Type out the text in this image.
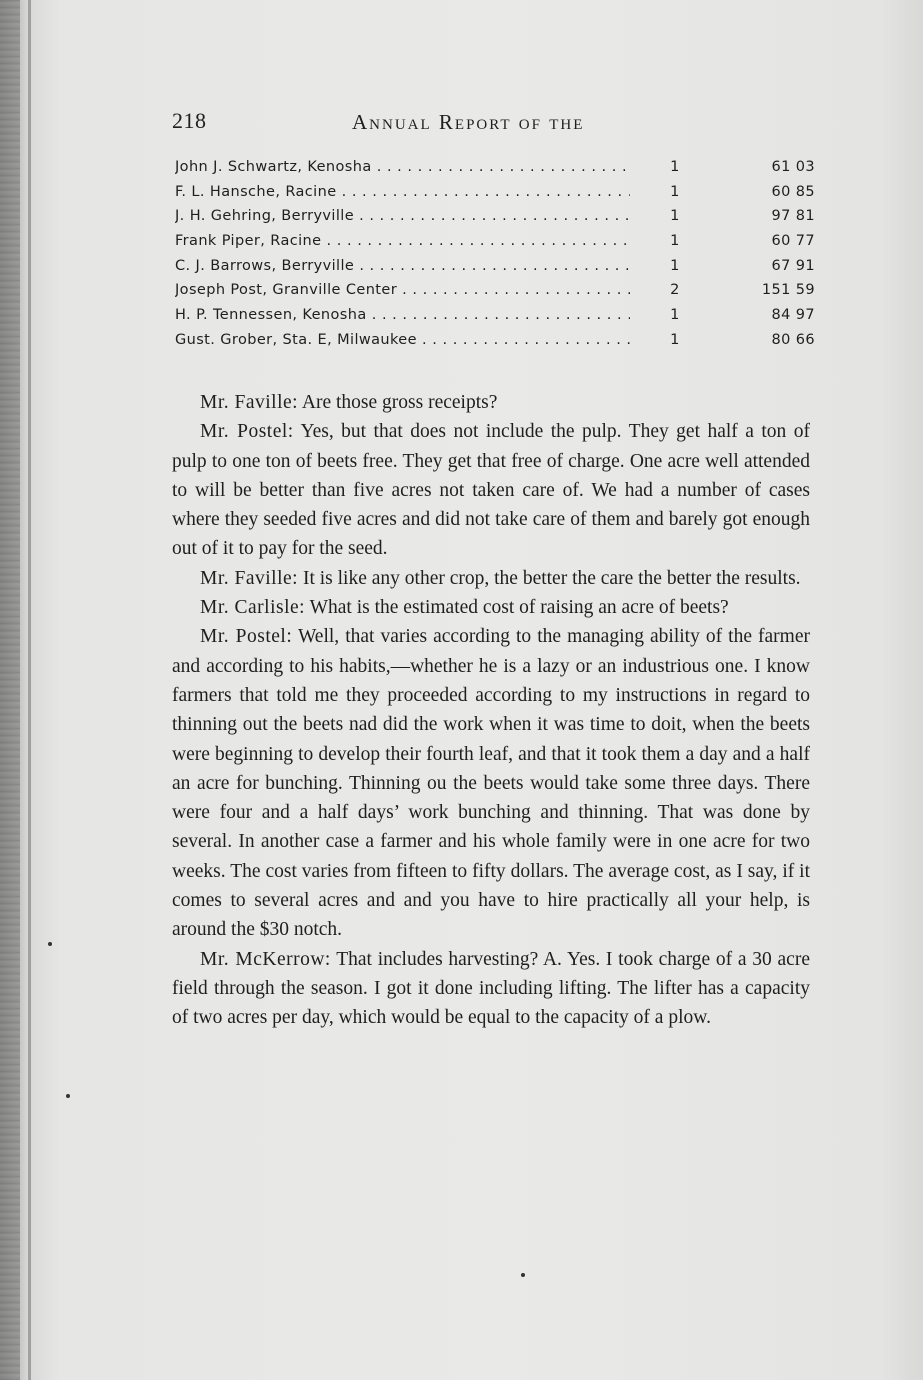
218	Annual Report of the
John J. Schwartz, Kenosha . . .	1	61 03
F. L. Hansche, Racine . . .	1	60 85
J. H. Gehring, Berryville . . .	1	97 81
Frank Piper, Racine . . .	1	60 77
C. J. Barrows, Berryville . . .	1	67 91
Joseph Post, Granville Center . . .	2	151 59
H. P. Tennessen, Kenosha . . .	1	84 97
Gust. Grober, Sta. E, Milwaukee . . .	1	80 66

Mr. Faville: Are those gross receipts?

Mr. Postel: Yes, but that does not include the pulp. They get half a ton of pulp to one ton of beets free. They get that free of charge. One acre well attended to will be better than five acres not taken care of. We had a number of cases where they seeded five acres and did not take care of them and barely got enough out of it to pay for the seed.

Mr. Faville: It is like any other crop, the better the care the better the results.

Mr. Carlisle: What is the estimated cost of raising an acre of beets?

Mr. Postel: Well, that varies according to the managing ability of the farmer and according to his habits,—whether he is a lazy or an industrious one. I know farmers that told me they proceeded according to my instructions in regard to thinning out the beets nad did the work when it was time to doit, when the beets were beginning to develop their fourth leaf, and that it took them a day and a half an acre for bunching. Thinning ou the beets would take some three days. There were four and a half days’ work bunching and thinning. That was done by several. In another case a farmer and his whole family were in one acre for two weeks. The cost varies from fifteen to fifty dollars. The average cost, as I say, if it comes to several acres and and you have to hire practically all your help, is around the $30 notch.

Mr. McKerrow: That includes harvesting? A. Yes. I took charge of a 30 acre field through the season. I got it done including lifting. The lifter has a capacity of two acres per day, which would be equal to the capacity of a plow.
